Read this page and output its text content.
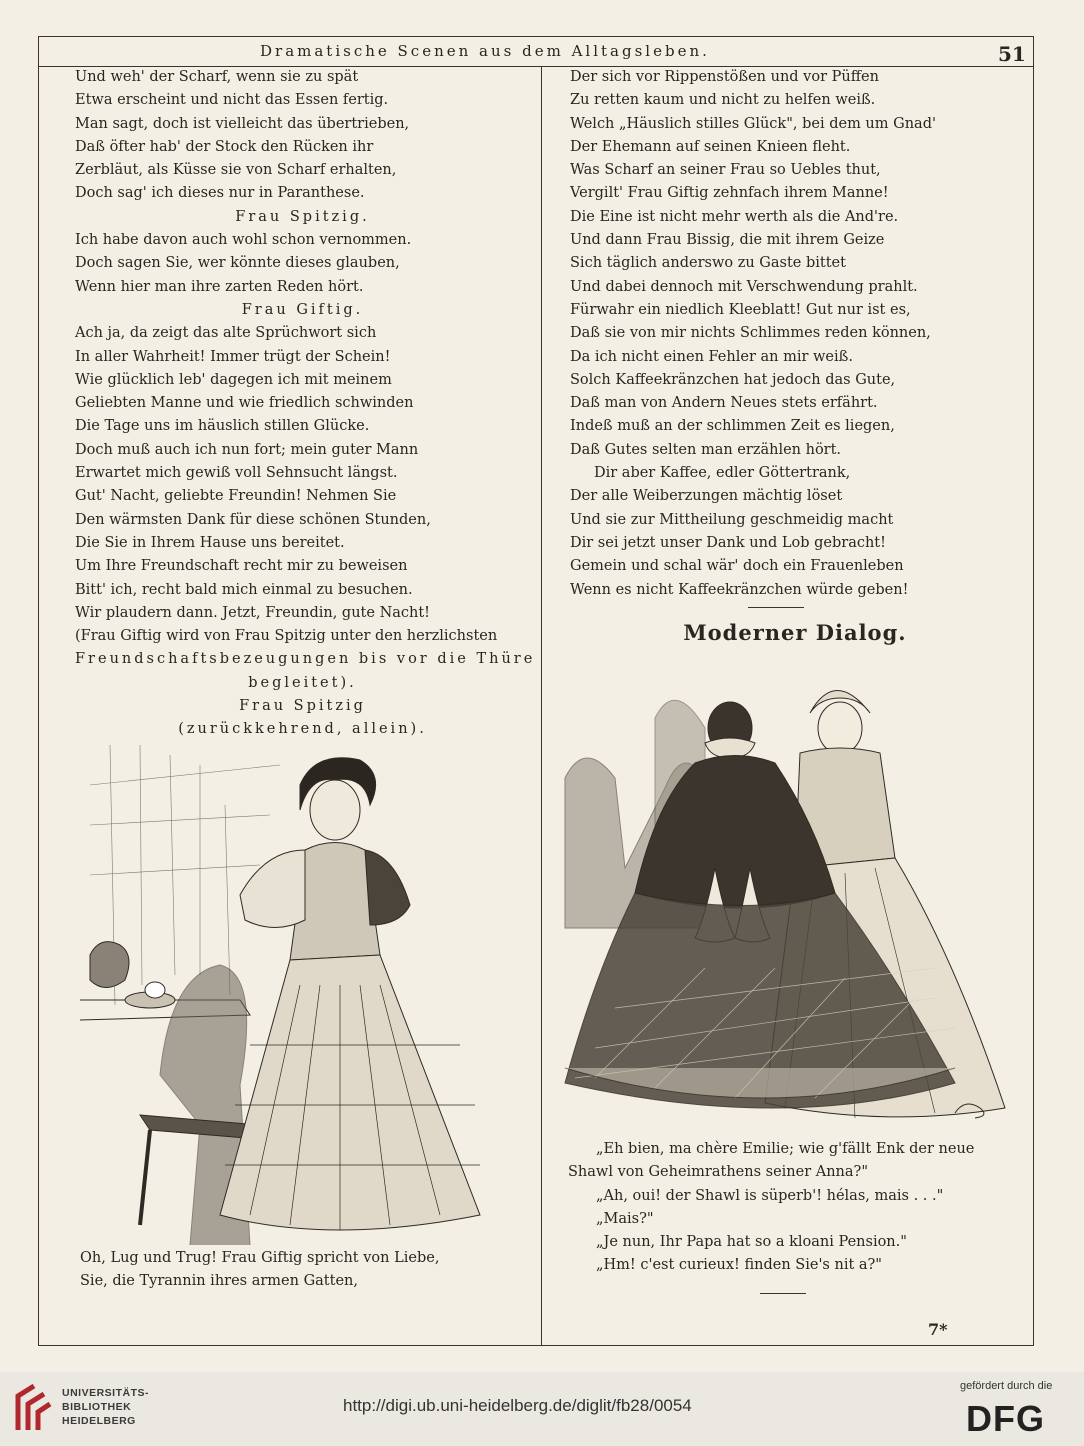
Dramatische Scenen aus dem Alltagsleben.	51
Und weh' der Scharf, wenn sie zu spät
Etwa erscheint und nicht das Essen fertig.
Man sagt, doch ist vielleicht das übertrieben,
Daß öfter hab' der Stock den Rücken ihr
Zerbläut, als Küsse sie von Scharf erhalten,
Doch sag' ich dieses nur in Paranthese.
Frau Spitzig.
Ich habe davon auch wohl schon vernommen.
Doch sagen Sie, wer könnte dieses glauben,
Wenn hier man ihre zarten Reden hört.
Frau Giftig.
Ach ja, da zeigt das alte Sprüchwort sich
In aller Wahrheit! Immer trügt der Schein!
Wie glücklich leb' dagegen ich mit meinem
Geliebten Manne und wie friedlich schwinden
Die Tage uns im häuslich stillen Glücke.
Doch muß auch ich nun fort; mein guter Mann
Erwartet mich gewiß voll Sehnsucht längst.
Gut' Nacht, geliebte Freundin! Nehmen Sie
Den wärmsten Dank für diese schönen Stunden,
Die Sie in Ihrem Hause uns bereitet.
Um Ihre Freundschaft recht mir zu beweisen
Bitt' ich, recht bald mich einmal zu besuchen.
Wir plaudern dann. Jetzt, Freundin, gute Nacht!
(Frau Giftig wird von Frau Spitzig unter den herzlichsten
Freundschaftsbezeugungen bis vor die Thüre
begleitet).
Frau Spitzig
(zurückkehrend, allein).
Oh, Lug und Trug! Frau Giftig spricht von Liebe,
Sie, die Tyrannin ihres armen Gatten,
Der sich vor Rippenstößen und vor Püffen
Zu retten kaum und nicht zu helfen weiß.
Welch „Häuslich stilles Glück", bei dem um Gnad'
Der Ehemann auf seinen Knieen fleht.
Was Scharf an seiner Frau so Uebles thut,
Vergilt' Frau Giftig zehnfach ihrem Manne!
Die Eine ist nicht mehr werth als die And're.
Und dann Frau Bissig, die mit ihrem Geize
Sich täglich anderswo zu Gaste bittet
Und dabei dennoch mit Verschwendung prahlt.
Fürwahr ein niedlich Kleeblatt! Gut nur ist es,
Daß sie von mir nichts Schlimmes reden können,
Da ich nicht einen Fehler an mir weiß.
Solch Kaffeekränzchen hat jedoch das Gute,
Daß man von Andern Neues stets erfährt.
Indeß muß an der schlimmen Zeit es liegen,
Daß Gutes selten man erzählen hört.
Dir aber Kaffee, edler Göttertrank,
Der alle Weiberzungen mächtig löset
Und sie zur Mittheilung geschmeidig macht
Dir sei jetzt unser Dank und Lob gebracht!
Gemein und schal wär' doch ein Frauenleben
Wenn es nicht Kaffeekränzchen würde geben!
Moderner Dialog.
„Eh bien, ma chère Emilie; wie g'fällt Enk der neue
Shawl von Geheimrathens seiner Anna?"
„Ah, oui! der Shawl is süperb'! hélas, mais . . ."
„Mais?"
„Je nun, Ihr Papa hat so a kloani Pension."
„Hm! c'est curieux! finden Sie's nit a?"
7*
UNIVERSITÄTS-
BIBLIOTHEK
HEIDELBERG
http://digi.ub.uni-heidelberg.de/diglit/fb28/0054
gefördert durch die
DFG
